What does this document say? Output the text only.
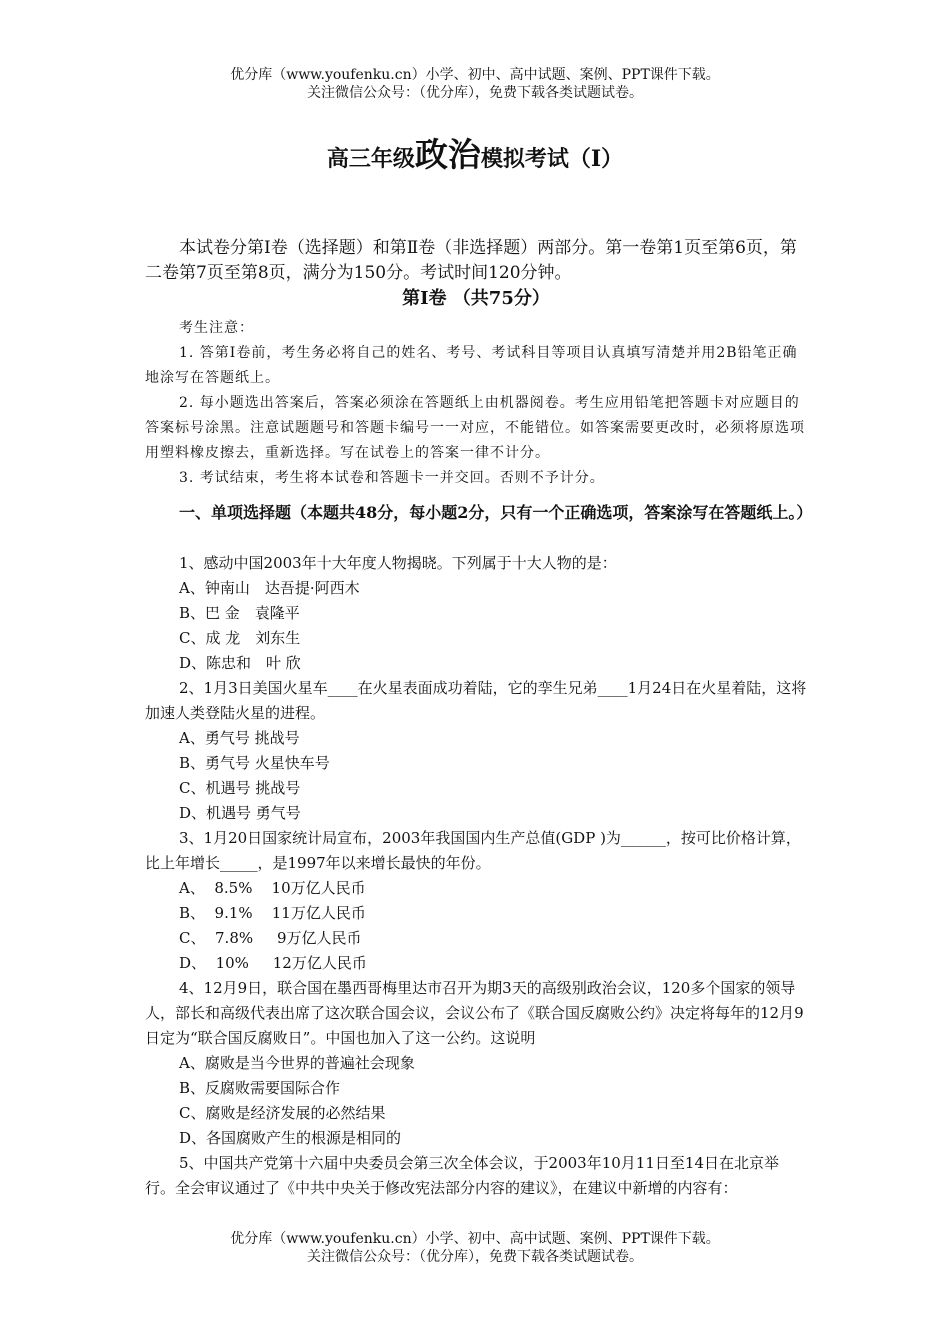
优分库（www.youfenku.cn）小学、初中、高中试题、案例、PPT课件下载。

关注微信公众号：（优分库），免费下载各类试题试卷。

高三年级政治模拟考试（I）

本试卷分第Ⅰ卷（选择题）和第Ⅱ卷（非选择题）两部分。第一卷第1页至第6页，第二卷第7页至第8页，满分为150分。考试时间120分钟。

第Ⅰ卷 （共75分）

考生注意：

1. 答第Ⅰ卷前，考生务必将自己的姓名、考号、考试科目等项目认真填写清楚并用2B铅笔正确地涂写在答题纸上。

2. 每小题选出答案后，答案必须涂在答题纸上由机器阅卷。考生应用铅笔把答题卡对应题目的答案标号涂黑。注意试题题号和答题卡编号一一对应，不能错位。如答案需要更改时，必须将原选项用塑料橡皮擦去，重新选择。写在试卷上的答案一律不计分。

3. 考试结束，考生将本试卷和答题卡一并交回。否则不予计分。

一、单项选择题（本题共48分，每小题2分，只有一个正确选项，答案涂写在答题纸上。）

1、感动中国2003年十大年度人物揭晓。下列属于十大人物的是：

A、钟南山　达吾提·阿西木
B、巴 金　袁隆平
C、成 龙　刘东生
D、陈忠和　叶 欣

2、1月3日美国火星车____在火星表面成功着陆，它的孪生兄弟____1月24日在火星着陆，这将加速人类登陆火星的进程。

A、勇气号 挑战号
B、勇气号 火星快车号
C、机遇号 挑战号
D、机遇号 勇气号

3、1月20日国家统计局宣布，2003年我国国内生产总值(GDP )为______，按可比价格计算，比上年增长_____，是1997年以来增长最快的年份。

A、  8.5%    10万亿人民币
B、  9.1%    11万亿人民币
C、  7.8%     9万亿人民币
D、  10%     12万亿人民币

4、12月9日，联合国在墨西哥梅里达市召开为期3天的高级别政治会议，120多个国家的领导人，部长和高级代表出席了这次联合国会议，会议公布了《联合国反腐败公约》决定将每年的12月9日定为“联合国反腐败日”。中国也加入了这一公约。这说明

A、腐败是当今世界的普遍社会现象
B、反腐败需要国际合作
C、腐败是经济发展的必然结果
D、各国腐败产生的根源是相同的

5、中国共产党第十六届中央委员会第三次全体会议，于2003年10月11日至14日在北京举行。全会审议通过了《中共中央关于修改宪法部分内容的建议》，在建议中新增的内容有：

优分库（www.youfenku.cn）小学、初中、高中试题、案例、PPT课件下载。

关注微信公众号：（优分库），免费下载各类试题试卷。
